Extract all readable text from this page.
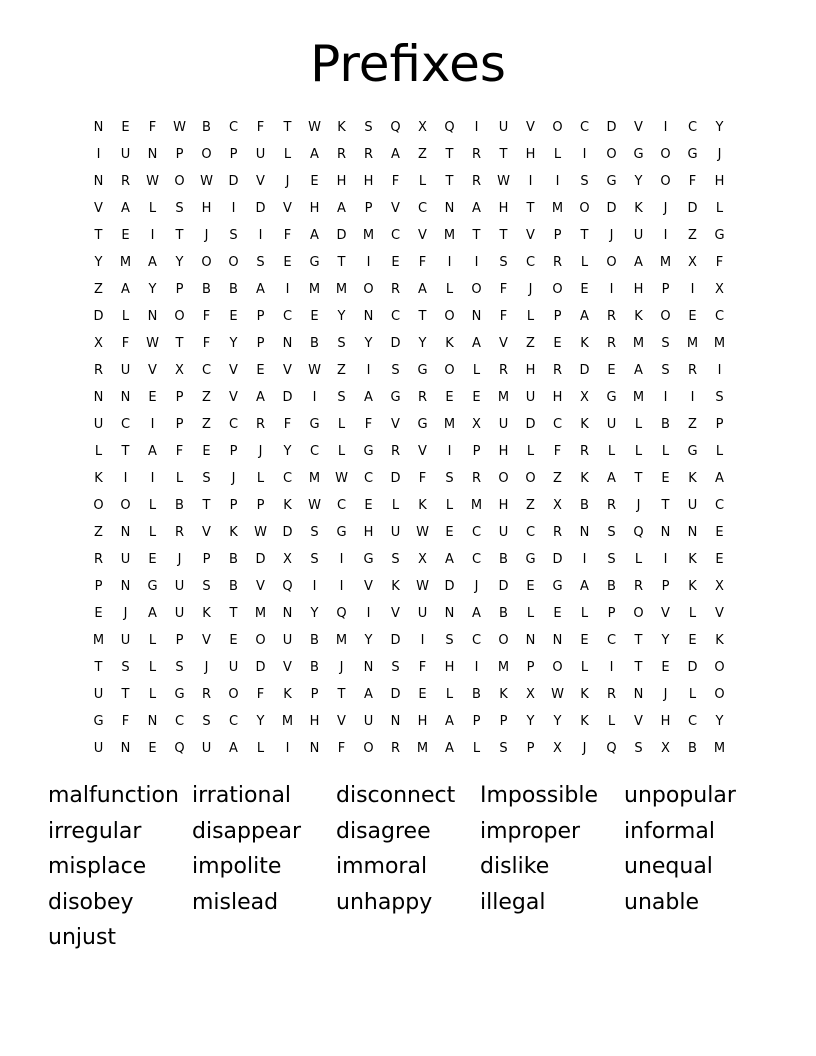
Prefixes
N	E	F	W	B	C	F	T	W	K	S	Q	X	Q	I	U	V	O	C	D	V	I	C	Y
I	U	N	P	O	P	U	L	A	R	R	A	Z	T	R	T	H	L	I	O	G	O	G	J
N	R	W	O	W	D	V	J	E	H	H	F	L	T	R	W	I	I	S	G	Y	O	F	H
V	A	L	S	H	I	D	V	H	A	P	V	C	N	A	H	T	M	O	D	K	J	D	L
T	E	I	T	J	S	I	F	A	D	M	C	V	M	T	T	V	P	T	J	U	I	Z	G
Y	M	A	Y	O	O	S	E	G	T	I	E	F	I	I	S	C	R	L	O	A	M	X	F
Z	A	Y	P	B	B	A	I	M	M	O	R	A	L	O	F	J	O	E	I	H	P	I	X
D	L	N	O	F	E	P	C	E	Y	N	C	T	O	N	F	L	P	A	R	K	O	E	C
X	F	W	T	F	Y	P	N	B	S	Y	D	Y	K	A	V	Z	E	K	R	M	S	M	M
R	U	V	X	C	V	E	V	W	Z	I	S	G	O	L	R	H	R	D	E	A	S	R	I
N	N	E	P	Z	V	A	D	I	S	A	G	R	E	E	M	U	H	X	G	M	I	I	S
U	C	I	P	Z	C	R	F	G	L	F	V	G	M	X	U	D	C	K	U	L	B	Z	P
L	T	A	F	E	P	J	Y	C	L	G	R	V	I	P	H	L	F	R	L	L	L	G	L
K	I	I	L	S	J	L	C	M	W	C	D	F	S	R	O	O	Z	K	A	T	E	K	A
O	O	L	B	T	P	P	K	W	C	E	L	K	L	M	H	Z	X	B	R	J	T	U	C
Z	N	L	R	V	K	W	D	S	G	H	U	W	E	C	U	C	R	N	S	Q	N	N	E
R	U	E	J	P	B	D	X	S	I	G	S	X	A	C	B	G	D	I	S	L	I	K	E
P	N	G	U	S	B	V	Q	I	I	V	K	W	D	J	D	E	G	A	B	R	P	K	X
E	J	A	U	K	T	M	N	Y	Q	I	V	U	N	A	B	L	E	L	P	O	V	L	V
M	U	L	P	V	E	O	U	B	M	Y	D	I	S	C	O	N	N	E	C	T	Y	E	K
T	S	L	S	J	U	D	V	B	J	N	S	F	H	I	M	P	O	L	I	T	E	D	O
U	T	L	G	R	O	F	K	P	T	A	D	E	L	B	K	X	W	K	R	N	J	L	O
G	F	N	C	S	C	Y	M	H	V	U	N	H	A	P	P	Y	Y	K	L	V	H	C	Y
U	N	E	Q	U	A	L	I	N	F	O	R	M	A	L	S	P	X	J	Q	S	X	B	M
malfunction irrational disconnect Impossible unpopular
irregular disappear disagree improper informal
misplace impolite immoral dislike	unequal
disobey	mislead	unhappy illegal	unable
unjust
